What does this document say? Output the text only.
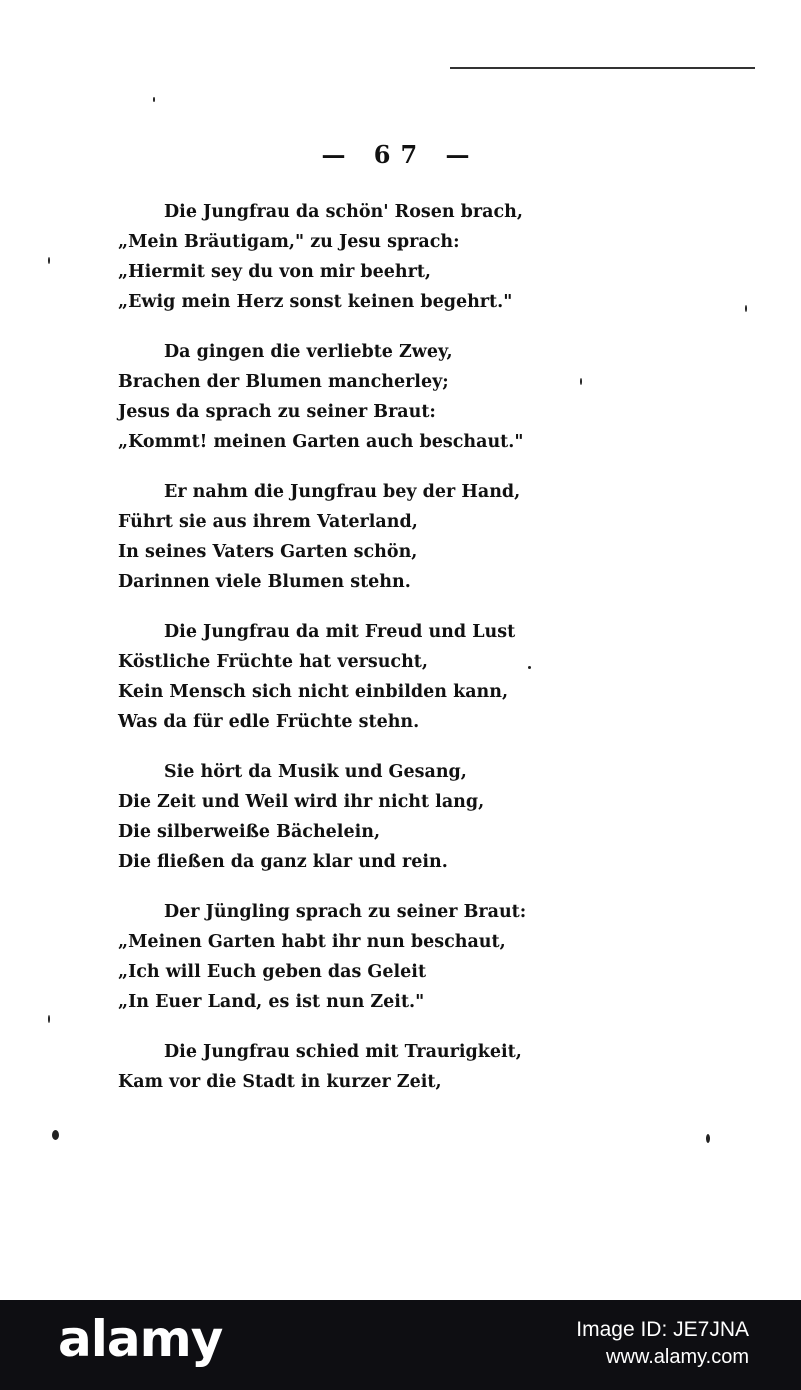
— 67 —
Die Jungfrau da schön' Rosen brach,
„Mein Bräutigam," zu Jesu sprach:
„Hiermit sey du von mir beehrt,
„Ewig mein Herz sonst keinen begehrt."
Da gingen die verliebte Zwey,
Brachen der Blumen mancherley;
Jesus da sprach zu seiner Braut:
„Kommt! meinen Garten auch beschaut."
Er nahm die Jungfrau bey der Hand,
Führt sie aus ihrem Vaterland,
In seines Vaters Garten schön,
Darinnen viele Blumen stehn.
Die Jungfrau da mit Freud und Lust
Köstliche Früchte hat versucht,
Kein Mensch sich nicht einbilden kann,
Was da für edle Früchte stehn.
Sie hört da Musik und Gesang,
Die Zeit und Weil wird ihr nicht lang,
Die silberweiße Bächelein,
Die fließen da ganz klar und rein.
Der Jüngling sprach zu seiner Braut:
„Meinen Garten habt ihr nun beschaut,
„Ich will Euch geben das Geleit
„In Euer Land, es ist nun Zeit."
Die Jungfrau schied mit Traurigkeit,
Kam vor die Stadt in kurzer Zeit,
alamy	Image ID: JE7JNA
www.alamy.com
